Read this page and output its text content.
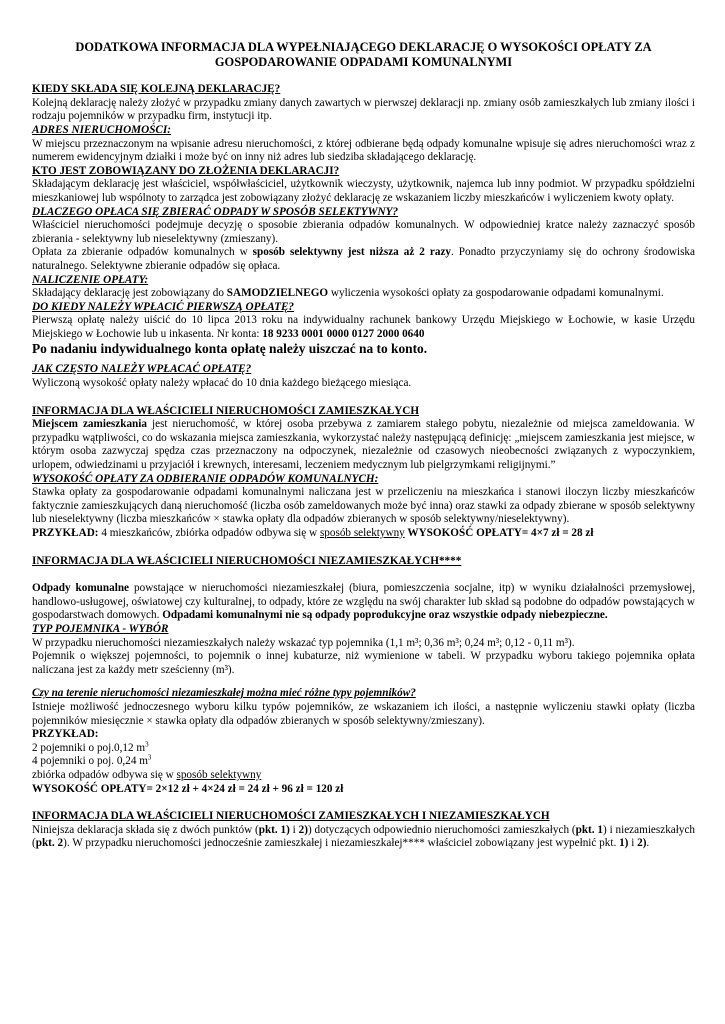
DODATKOWA INFORMACJA DLA WYPEŁNIAJĄCEGO DEKLARACJĘ O WYSOKOŚCI OPŁATY ZA GOSPODAROWANIE ODPADAMI KOMUNALNYMI

KIEDY SKŁADA SIĘ KOLEJNĄ DEKLARACJĘ?

Kolejną deklarację należy złożyć w przypadku zmiany danych zawartych w pierwszej deklaracji np. zmiany osób zamieszkałych lub zmiany ilości i rodzaju pojemników w przypadku firm, instytucji itp.

ADRES NIERUCHOMOŚCI:

W miejscu przeznaczonym na wpisanie adresu nieruchomości, z której odbierane będą odpady komunalne wpisuje się adres nieruchomości wraz z numerem ewidencyjnym działki i może być on inny niż adres lub siedziba składającego deklarację.

KTO JEST ZOBOWIĄZANY DO ZŁOŻENIA DEKLARACJI?

Składającym deklarację jest właściciel, współwłaściciel, użytkownik wieczysty, użytkownik, najemca lub inny podmiot. W przypadku spółdzielni mieszkaniowej lub wspólnoty to zarządca jest zobowiązany złożyć deklarację ze wskazaniem liczby mieszkańców i wyliczeniem kwoty opłaty.

DLACZEGO OPŁACA SIĘ ZBIERAĆ ODPADY W SPOSÓB SELEKTYWNY?

Właściciel nieruchomości podejmuje decyzję o sposobie zbierania odpadów komunalnych. W odpowiedniej kratce należy zaznaczyć sposób zbierania - selektywny lub nieselektywny (zmieszany).

Opłata za zbieranie odpadów komunalnych w sposób selektywny jest niższa aż 2 razy. Ponadto przyczyniamy się do ochrony środowiska naturalnego. Selektywne zbieranie odpadów się opłaca.

NALICZENIE OPŁATY:

Składający deklarację jest zobowiązany do SAMODZIELNEGO wyliczenia wysokości opłaty za gospodarowanie odpadami komunalnymi.

DO KIEDY NALEŻY WPŁACIĆ PIERWSZĄ OPŁATĘ?

Pierwszą opłatę należy uiścić do 10 lipca 2013 roku na indywidualny rachunek bankowy Urzędu Miejskiego w Łochowie, w kasie Urzędu Miejskiego w Łochowie lub u inkasenta. Nr konta: 18 9233 0001 0000 0127 2000 0640

Po nadaniu indywidualnego konta opłatę należy uiszczać na to konto.

JAK CZĘSTO NALEŻY WPŁACAĆ OPŁATĘ?

Wyliczoną wysokość opłaty należy wpłacać do 10 dnia każdego bieżącego miesiąca.

INFORMACJA DLA WŁAŚCICIELI NIERUCHOMOŚCI ZAMIESZKAŁYCH

Miejscem zamieszkania jest nieruchomość, w której osoba przebywa z zamiarem stałego pobytu, niezależnie od miejsca zameldowania. W przypadku wątpliwości, co do wskazania miejsca zamieszkania, wykorzystać należy następującą definicję: „miejscem zamieszkania jest miejsce, w którym osoba zazwyczaj spędza czas przeznaczony na odpoczynek, niezależnie od czasowych nieobecności związanych z wypoczynkiem, urlopem, odwiedzinami u przyjaciół i krewnych, interesami, leczeniem medycznym lub pielgrzymkami religijnymi.”

WYSOKOŚĆ OPŁATY ZA ODBIERANIE ODPADÓW KOMUNALNYCH:

Stawka opłaty za gospodarowanie odpadami komunalnymi naliczana jest w przeliczeniu na mieszkańca i stanowi iloczyn liczby mieszkańców faktycznie zamieszkujących daną nieruchomość (liczba osób zameldowanych może być inna) oraz stawki za odpady zbierane w sposób selektywny lub nieselektywny (liczba mieszkańców × stawka opłaty dla odpadów zbieranych w sposób selektywny/nieselektywny).

PRZYKŁAD: 4 mieszkańców, zbiórka odpadów odbywa się w sposób selektywny WYSOKOŚĆ OPŁATY= 4×7 zł = 28 zł

INFORMACJA DLA WŁAŚCICIELI NIERUCHOMOŚCI NIEZAMIESZKAŁYCH****

Odpady komunalne powstające w nieruchomości niezamieszkałej (biura, pomieszczenia socjalne, itp) w wyniku działalności przemysłowej, handlowo-usługowej, oświatowej czy kulturalnej, to odpady, które ze względu na swój charakter lub skład są podobne do odpadów powstających w gospodarstwach domowych. Odpadami komunalnymi nie są odpady poprodukcyjne oraz wszystkie odpady niebezpieczne.

TYP POJEMNIKA - WYBÓR

W przypadku nieruchomości niezamieszkałych należy wskazać typ pojemnika (1,1 m³; 0,36 m³; 0,24 m³; 0,12 - 0,11 m³).

Pojemnik o większej pojemności, to pojemnik o innej kubaturze, niż wymienione w tabeli. W przypadku wyboru takiego pojemnika opłata naliczana jest za każdy metr sześcienny (m³).

Czy na terenie nieruchomości niezamieszkałej można mieć różne typy pojemników?

Istnieje możliwość jednoczesnego wyboru kilku typów pojemników, ze wskazaniem ich ilości, a następnie wyliczeniu stawki opłaty (liczba pojemników miesięcznie × stawka opłaty dla odpadów zbieranych w sposób selektywny/zmieszany).

PRZYKŁAD:

2 pojemniki o poj.0,12 $m^3$

4 pojemniki o poj. 0,24 $m^3$

zbiórka odpadów odbywa się w sposób selektywny

WYSOKOŚĆ OPŁATY= 2×12 zł + 4×24 zł = 24 zł + 96 zł = 120 zł

INFORMACJA DLA WŁAŚCICIELI NIERUCHOMOŚCI ZAMIESZKAŁYCH I NIEZAMIESZKAŁYCH

Niniejsza deklaracja składa się z dwóch punktów (pkt. 1) i 2)) dotyczących odpowiednio nieruchomości zamieszkałych (pkt. 1) i niezamieszkałych (pkt. 2). W przypadku nieruchomości jednocześnie zamieszkałej i niezamieszkałej**** właściciel zobowiązany jest wypełnić pkt. 1) i 2).
